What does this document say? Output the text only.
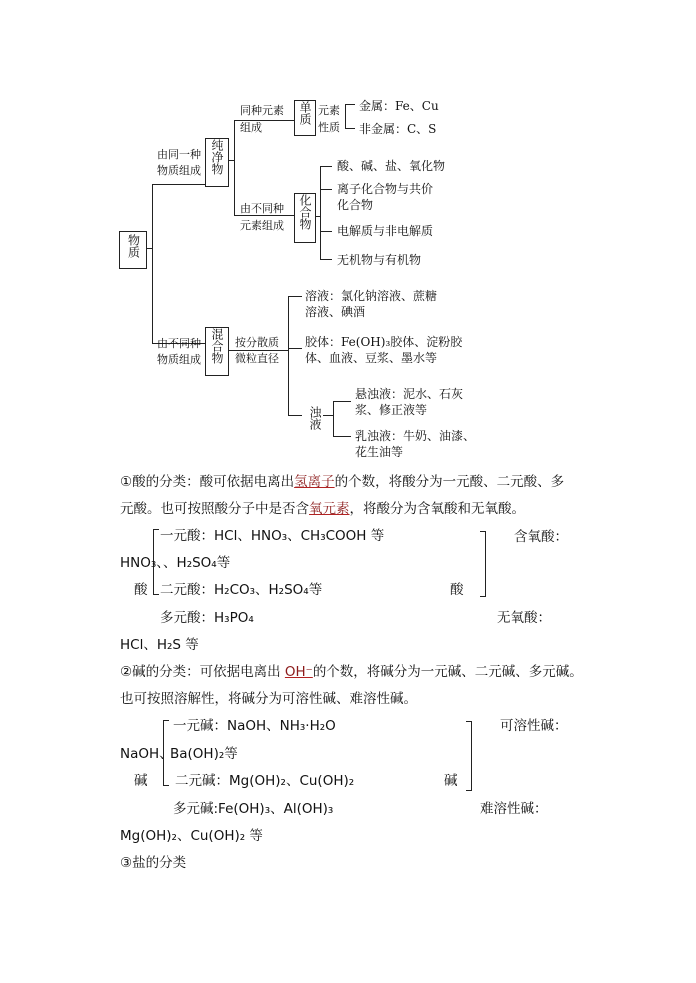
物质
由同一种
物质组成
由不同种
物质组成
纯净物
同种元素
组成
由不同种
元素组成
单质 元素
性质
金属：Fe、Cu
非金属：C、S
化合物
酸、碱、盐、氧化物
离子化合物与共价
化合物
电解质与非电解质
无机物与有机物
混合物	按分散质
微粒直径
溶液：氯化钠溶液、蔗糖
溶液、碘酒
胶体：Fe(OH)₃胶体、淀粉胶
体、血液、豆浆、墨水等
浊液
悬浊液：泥水、石灰
浆、修正液等
乳浊液：牛奶、油漆、
花生油等
①酸的分类：酸可依据电离出氢离子的个数，将酸分为一元酸、二元酸、多
元酸。也可按照酸分子中是否含氧元素，将酸分为含氧酸和无氧酸。
一元酸：HCl、HNO₃、CH₃COOH 等
HNO₃、、H₂SO₄等
酸 二元酸：H₂CO₃、H₂SO₄等	酸
含氧酸：
多元酸：H₃PO₄	无氧酸：
HCl、H₂S 等
②碱的分类：可依据电离出 OH⁻的个数，将碱分为一元碱、二元碱、多元碱。
也可按照溶解性，将碱分为可溶性碱、难溶性碱。
一元碱：NaOH、NH₃·H₂O
NaOH、
Ba(OH)₂等
碱 二元碱：Mg(OH)₂、Cu(OH)₂	碱
可溶性碱：
多元碱:Fe(OH)₃、Al(OH)₃	难溶性碱：
Mg(OH)₂、Cu(OH)₂ 等
③盐的分类
